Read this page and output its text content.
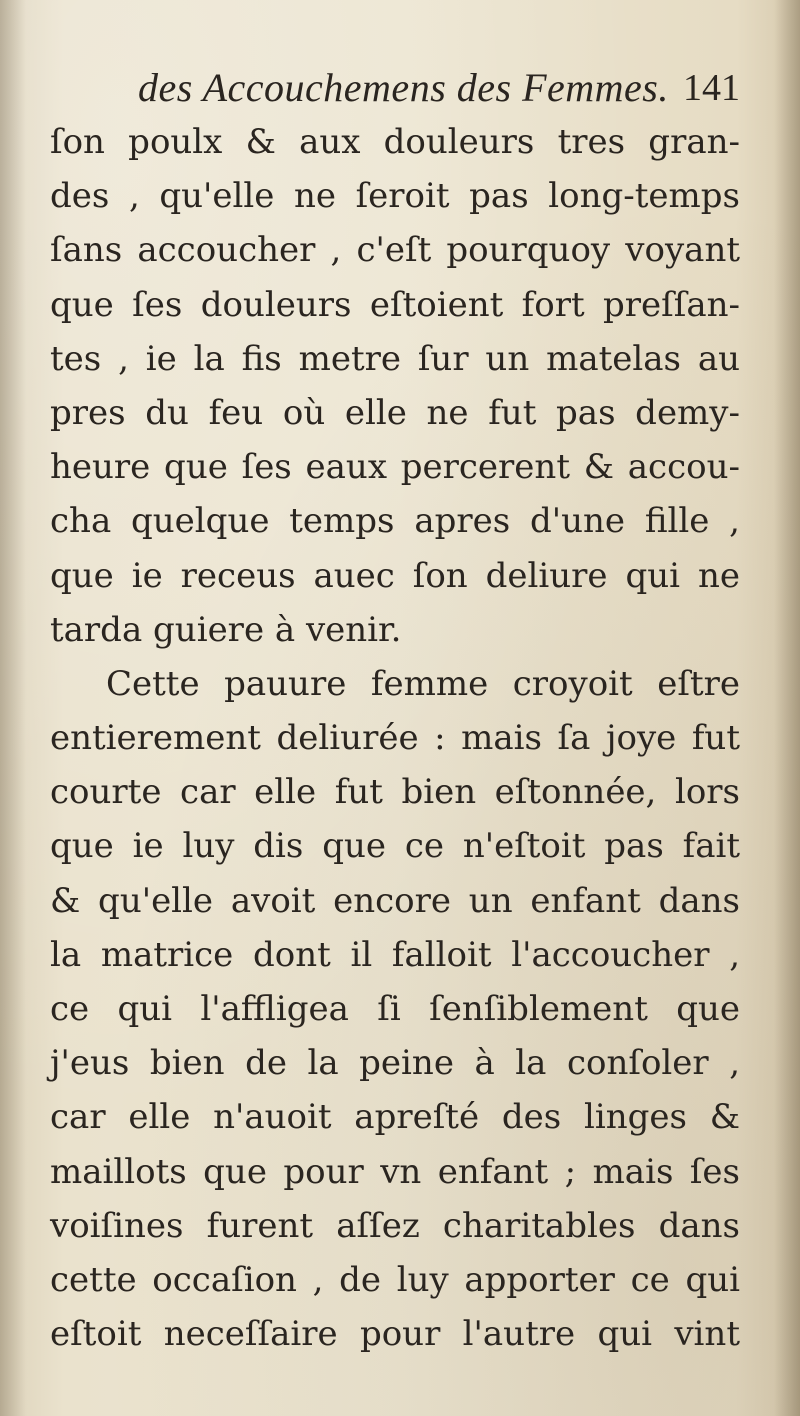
des Accouchemens des Femmes. 141
ſon poulx & aux douleurs tres gran-
des , qu'elle ne ſeroit pas long-temps
ſans accoucher , c'eſt pourquoy voyant
que ſes douleurs eſtoient fort preſſan-
tes , ie la fis metre ſur un matelas au
pres du feu où elle ne fut pas demy-
heure que ſes eaux percerent & accou-
cha quelque temps apres d'une fille ,
que ie receus auec ſon deliure qui ne
tarda guiere à venir.
Cette pauure femme croyoit eſtre
entierement deliurée : mais ſa joye fut
courte car elle fut bien eſtonnée, lors
que ie luy dis que ce n'eſtoit pas fait
& qu'elle avoit encore un enfant dans
la matrice dont il falloit l'accoucher ,
ce qui l'affligea ſi ſenſiblement que
j'eus bien de la peine à la conſoler ,
car elle n'auoit apreſté des linges &
maillots que pour vn enfant ; mais ſes
voiſines furent aſſez charitables dans
cette occaſion , de luy apporter ce qui
eſtoit neceſſaire pour l'autre qui vint
